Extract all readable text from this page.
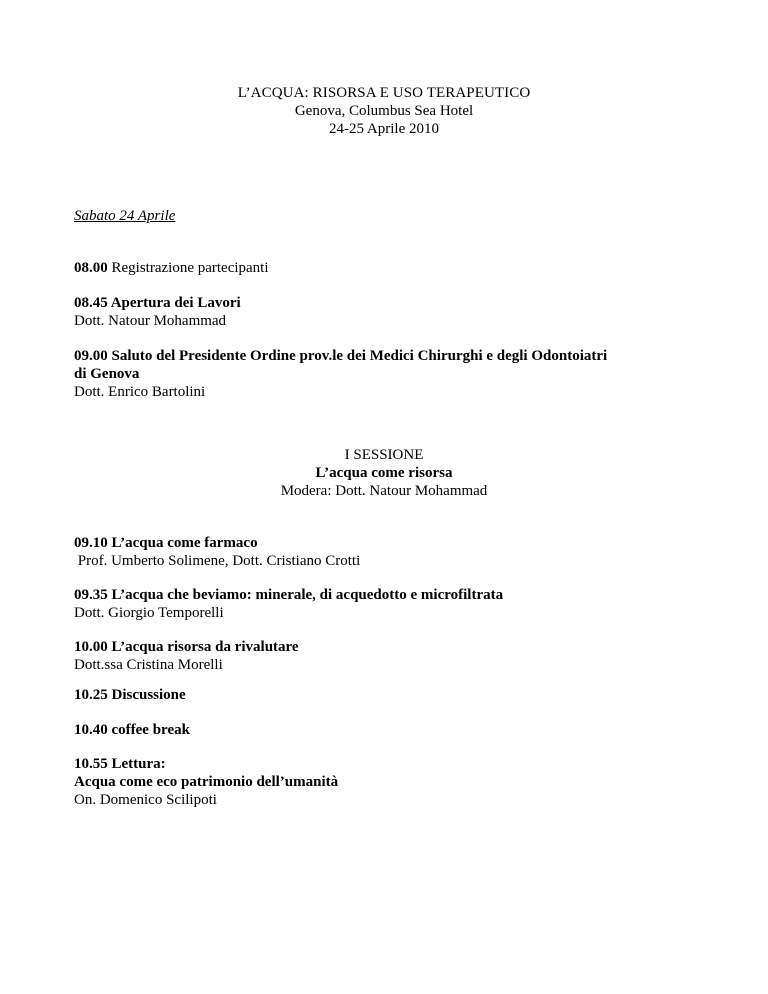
L’ACQUA: RISORSA E USO TERAPEUTICO
Genova, Columbus Sea Hotel
24-25 Aprile 2010
Sabato 24 Aprile
08.00 Registrazione partecipanti
08.45 Apertura dei Lavori
Dott. Natour Mohammad
09.00 Saluto del Presidente Ordine prov.le dei Medici Chirurghi e degli Odontoiatri di Genova
Dott. Enrico Bartolini
I SESSIONE
L’acqua come risorsa
Modera: Dott. Natour Mohammad
09.10 L’acqua come farmaco
Prof. Umberto Solimene, Dott. Cristiano Crotti
09.35 L’acqua che beviamo: minerale, di acquedotto e microfiltrata
Dott. Giorgio Temporelli
10.00 L’acqua risorsa da rivalutare
Dott.ssa Cristina Morelli
10.25 Discussione
10.40 coffee break
10.55 Lettura:
Acqua come eco patrimonio dell’umanità
On. Domenico Scilipoti
